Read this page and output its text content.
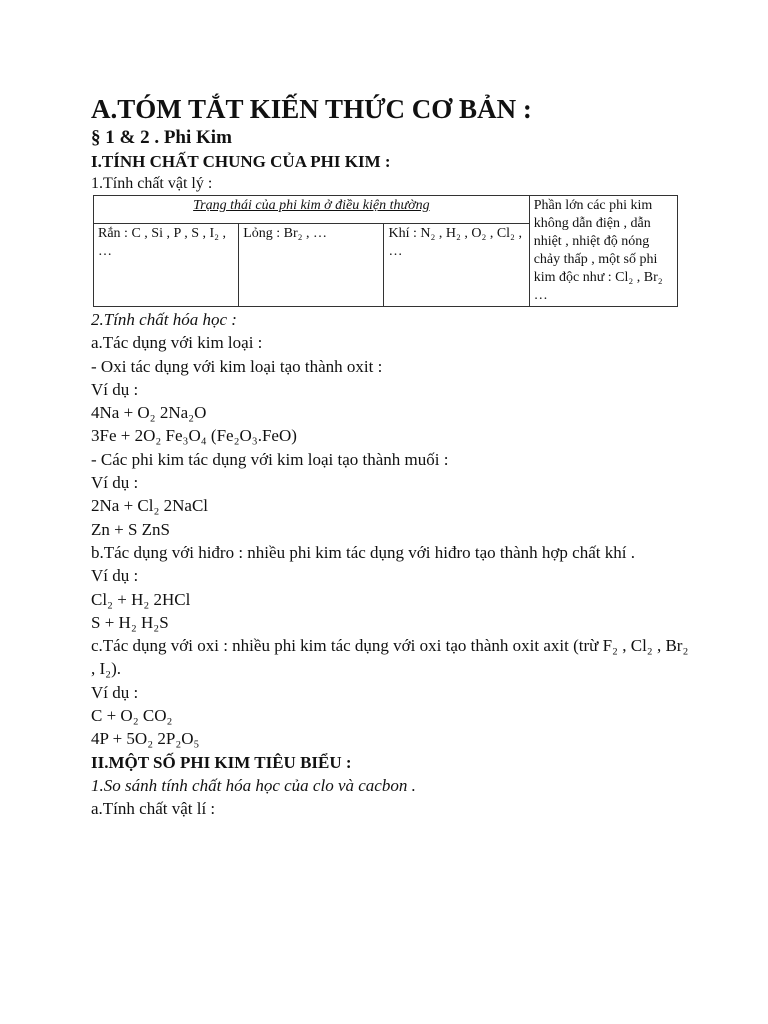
A.TÓM TẮT KIẾN THỨC CƠ BẢN :

§ 1 & 2 . Phi Kim

I.TÍNH CHẤT CHUNG CỦA PHI KIM :

1.Tính chất vật lý :

Trạng thái của phi kim ở điều kiện thường			Phần lớn các phi kim không dẫn điện , dẫn nhiệt , nhiệt độ nóng chảy thấp , một số phi kim độc như : Cl₂ , Br₂ …
Rắn : C , Si , P , S , I₂ , …	Lỏng : Br₂ , …	Khí : N₂ , H₂ , O₂ , Cl₂ , …	

2.Tính chất hóa học :

a.Tác dụng với kim loại :

- Oxi tác dụng với kim loại tạo thành oxit :

Ví dụ :

4Na + O₂ 2Na₂O

3Fe + 2O₂ Fe₃O₄ (Fe₂O₃.FeO)

- Các phi kim tác dụng với kim loại tạo thành muối :

Ví dụ :

2Na + Cl₂ 2NaCl

Zn + S ZnS

b.Tác dụng với hiđro : nhiều phi kim tác dụng với hiđro tạo thành hợp chất khí .

Ví dụ :

Cl₂ + H₂ 2HCl

S + H₂ H₂S

c.Tác dụng với oxi : nhiều phi kim tác dụng với oxi tạo thành oxit axit (trừ F₂ , Cl₂ , Br₂ , I₂).

Ví dụ :

C + O₂ CO₂

4P + 5O₂ 2P₂O₅

II.MỘT SỐ PHI KIM TIÊU BIỂU :

1.So sánh tính chất hóa học của clo và cacbon .

a.Tính chất vật lí :
